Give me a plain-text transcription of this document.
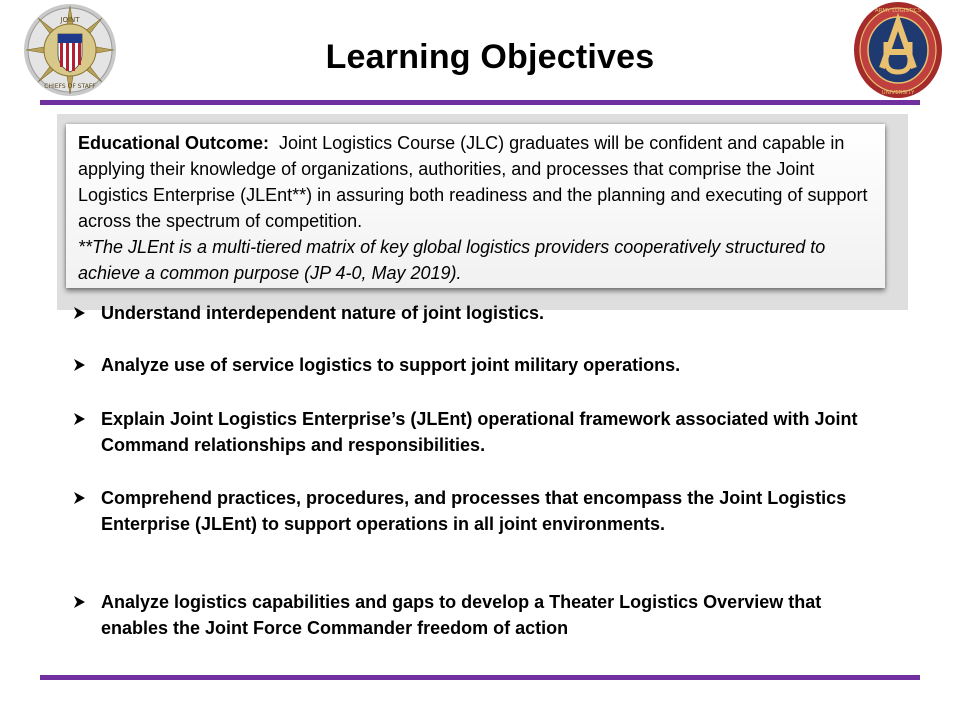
JOINT
CHIEFS OF STAFF
ARMY LOGISTICS
UNIVERSITY
Learning Objectives

Educational Outcome: Joint Logistics Course (JLC) graduates will be confident and capable in applying their knowledge of organizations, authorities, and processes that comprise the Joint Logistics Enterprise (JLEnt**) in assuring both readiness and the planning and executing of support across the spectrum of competition.

**The JLEnt is a multi-tiered matrix of key global logistics providers cooperatively structured to achieve a common purpose (JP 4-0, May 2019).

Understand interdependent nature of joint logistics.
Analyze use of service logistics to support joint military operations.
Explain Joint Logistics Enterprise’s (JLEnt) operational framework associated with Joint Command relationships and responsibilities.
Comprehend practices, procedures, and processes that encompass the Joint Logistics Enterprise (JLEnt) to support operations in all joint environments.
Analyze logistics capabilities and gaps to develop a Theater Logistics Overview that enables the Joint Force Commander freedom of action
